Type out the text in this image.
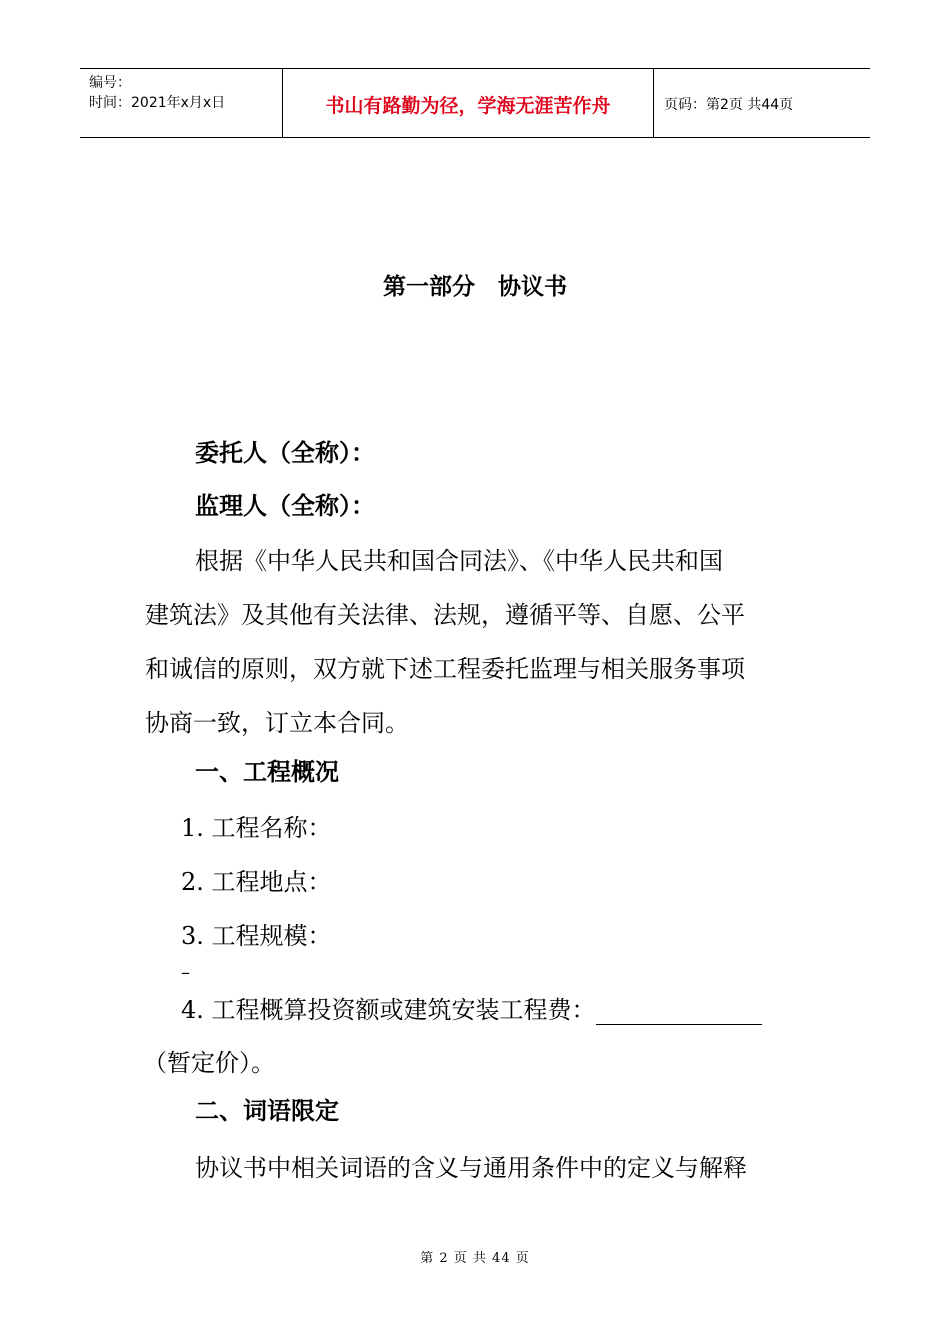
编号：
时间：2021年x月x日	书山有路勤为径，学海无涯苦作舟	页码：第2页 共44页
第一部分　协议书
委托人（全称）：
监理人（全称）：
根据《中华人民共和国合同法》、《中华人民共和国
建筑法》及其他有关法律、法规，遵循平等、自愿、公平
和诚信的原则，双方就下述工程委托监理与相关服务事项
协商一致，订立本合同。
一、工程概况
1. 工程名称：
2. 工程地点：
3. 工程规模：
–
4. 工程概算投资额或建筑安装工程费：
（暂定价）。
二、词语限定
协议书中相关词语的含义与通用条件中的定义与解释
第 2 页 共 44 页
